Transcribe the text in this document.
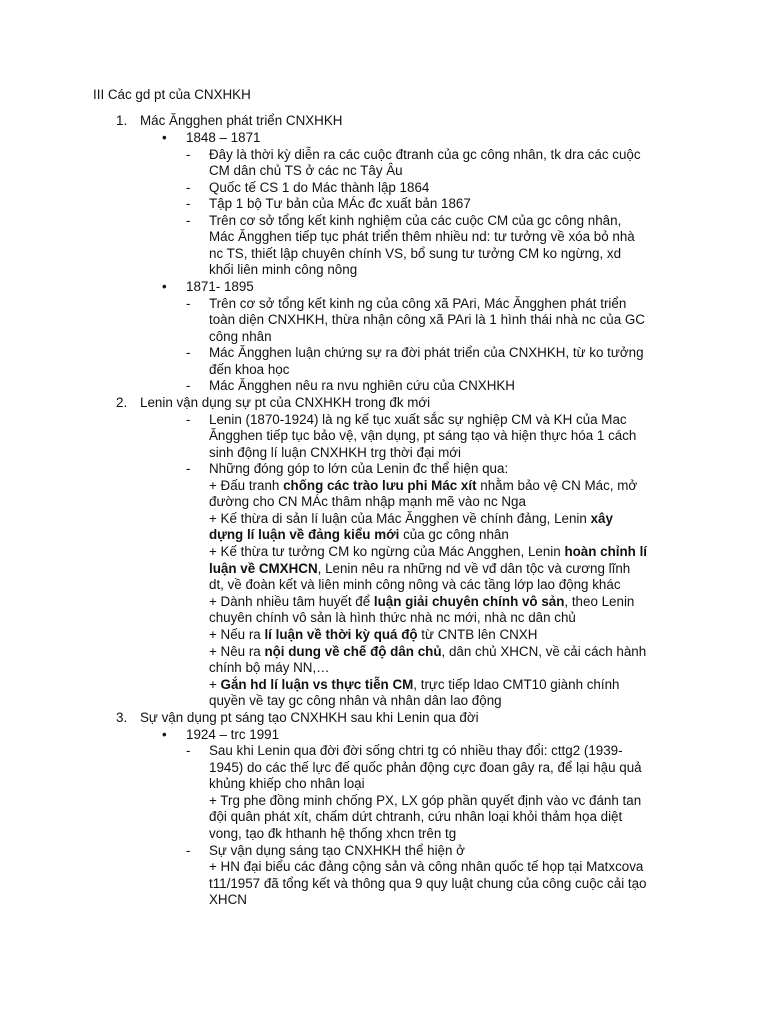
III Các gd pt của CNXHKH
1. Mác Ăngghen phát triển CNXHKH
• 1848 – 1871
- Đây là thời kỳ diễn ra các cuộc đtranh của gc công nhân, tk dra các cuộc
CM dân chủ TS ở các nc Tây Âu
- Quốc tế CS 1 do Mác thành lập 1864
- Tập 1 bộ Tư bản của MÁc đc xuất bản 1867
- Trên cơ sở tổng kết kinh nghiệm của các cuộc CM của gc công nhân,
Mác Ăngghen tiếp tục phát triển thêm nhiều nd: tư tưởng về xóa bỏ nhà
nc TS, thiết lập chuyên chính VS, bổ sung tư tưởng CM ko ngừng, xd
khối liên minh công nông
• 1871- 1895
- Trên cơ sở tổng kết kinh ng của công xã PAri, Mác Ăngghen phát triển
toàn diện CNXHKH, thừa nhận công xã PAri là 1 hình thái nhà nc của GC
công nhân
- Mác Ăngghen luận chứng sự ra đời phát triển của CNXHKH, từ ko tưởng
đến khoa học
- Mác Ăngghen nêu ra nvu nghiên cứu của CNXHKH
2. Lenin vận dụng sự pt của CNXHKH trong đk mới
- Lenin (1870-1924) là ng kế tục xuất sắc sự nghiệp CM và KH của Mac
Ăngghen tiếp tục bảo vệ, vận dụng, pt sáng tạo và hiện thực hóa 1 cách
sinh động lí luận CNXHKH trg thời đại mới
- Những đóng góp to lớn của Lenin đc thể hiện qua:
+ Đấu tranh chống các trào lưu phi Mác xít nhằm bảo vệ CN Mác, mở
đường cho CN MÁc thâm nhập mạnh mẽ vào nc Nga
+ Kế thừa di sản lí luận của Mác Ăngghen về chính đảng, Lenin xây
dựng lí luận về đảng kiểu mới của gc công nhân
+ Kế thừa tư tưởng CM ko ngừng của Mác Angghen, Lenin hoàn chỉnh lí
luận về CMXHCN, Lenin nêu ra những nd về vđ dân tộc và cương lĩnh
dt, về đoàn kết và liên minh công nông và các tầng lớp lao động khác
+ Dành nhiều tâm huyết để luận giải chuyên chính vô sản, theo Lenin
chuyên chính vô sản là hình thức nhà nc mới, nhà nc dân chủ
+ Nếu ra lí luận về thời kỳ quá độ từ CNTB lên CNXH
+ Nêu ra nội dung về chế độ dân chủ, dân chủ XHCN, về cải cách hành
chính bộ máy NN,…
+ Gắn hd lí luận vs thực tiễn CM, trực tiếp ldao CMT10 giành chính
quyền về tay gc công nhân và nhân dân lao động
3. Sự vận dụng pt sáng tạo CNXHKH sau khi Lenin qua đời
• 1924 – trc 1991
- Sau khi Lenin qua đời đời sống chtri tg có nhiều thay đổi: cttg2 (1939-
1945) do các thế lực đế quốc phản động cực đoan gây ra, để lại hậu quả
khủng khiếp cho nhân loại
+ Trg phe đồng minh chống PX, LX góp phần quyết định vào vc đánh tan
đội quân phát xít, chấm dứt chtranh, cứu nhân loại khỏi thảm họa diệt
vong, tạo đk hthanh hệ thống xhcn trên tg
- Sự vận dụng sáng tạo CNXHKH thể hiện ở
+ HN đại biểu các đảng cộng sản và công nhân quốc tế họp tại Matxcova
t11/1957 đã tổng kết và thông qua 9 quy luật chung của công cuộc cải tạo
XHCN
